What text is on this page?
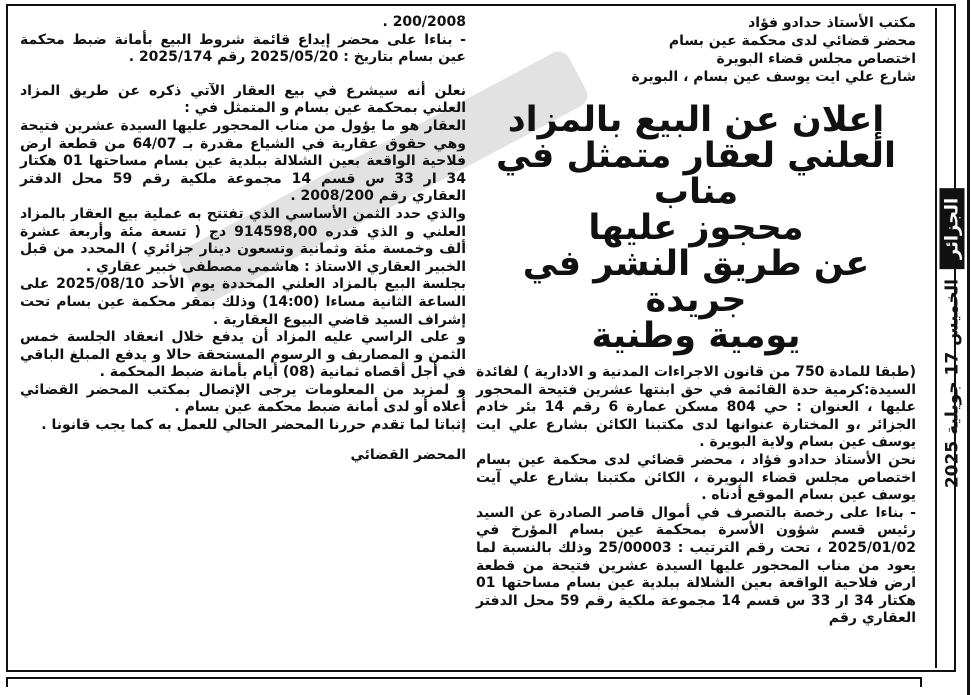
مكتب الأستاذ حدادو فؤاد
محضر قضائي لدى محكمة عين بسام
اختصاص مجلس قضاء البويرة
شارع علي ايت يوسف عين بسام ، البويرة
إعلان عن البيع بالمزاد
العلني لعقار متمثل في مناب
محجوز عليها
عن طريق النشر في جريدة
يومية وطنية

(طبقا للمادة 750 من قانون الاجراءات المدنية و الادارية ) لفائدة السيدة:كرمية حدة القائمة في حق ابنتها عشرين فتيحة المحجور عليها ، العنوان : حي 804 مسكن عمارة 6 رقم 14 بئر خادم الجزائر ،و المختارة عنوانها لدى مكتبنا الكائن بشارع علي ايت يوسف عين بسام ولاية البويرة .

نحن الأستاذ حدادو فؤاد ، محضر قضائي لدى محكمة عين بسام اختصاص مجلس قضاء البويرة ، الكائن مكتبنا بشارع علي آيت يوسف عين بسام الموقع أدناه .

- بناءا على رخصة بالتصرف في أموال قاصر الصادرة عن السيد رئيس قسم شؤون الأسرة بمحكمة عين بسام المؤرخ في 2025/01/02 ، تحت رقم الترتيب : 25/00003 وذلك بالنسبة لما يعود من مناب المحجور عليها السيدة عشرين فتيحة من قطعة ارض فلاحية الواقعة بعين الشلالة ببلدية عين بسام مساحتها 01 هكتار 34 ار 33 س قسم 14 مجموعة ملكية رقم 59 محل الدفتر العقاري رقم

200/2008 .

- بناءا على محضر إيداع قائمة شروط البيع بأمانة ضبط محكمة عين بسام بتاريخ : 2025/05/20 رقم 2025/174 .

نعلن أنه سيشرع في بيع العقار الآتي ذكره عن طريق المزاد العلني بمحكمة عين بسام و المتمثل في :

العقار هو ما يؤول من مناب المحجور عليها السيدة عشرين فتيحة وهي حقوق عقارية في الشياع مقدرة بـ 64/07 من قطعة ارض فلاحية الواقعة بعين الشلالة ببلدية عين بسام مساحتها 01 هكتار 34 ار 33 س قسم 14 مجموعة ملكية رقم 59 محل الدفتر العقاري رقم 2008/200 .

والذي حدد الثمن الأساسي الذي تفتتح به عملية بيع العقار بالمزاد العلني و الذي قدره 914598,00 دج ( تسعة مئة وأربعة عشرة ألف وخمسة مئة وثمانية وتسعون دينار جزائري ) المحدد من قبل الخبير العقاري الاستاذ : هاشمي مصطفى خبير عقاري .

بجلسة البيع بالمزاد العلني المحددة يوم الأحد 2025/08/10 على الساعة الثانية مساءا (14:00) وذلك بمقر محكمة عين بسام تحت إشراف السيد قاضي البيوع العقارية .

و على الراسي عليه المزاد أن يدفع خلال انعقاد الجلسة خمس الثمن و المصاريف و الرسوم المستحقة حالا و يدفع المبلغ الباقي في أجل أقصاه ثمانية (08) أيام بأمانة ضبط المحكمة .

و لمزيد من المعلومات يرجى الإتصال بمكتب المحضر القضائي أعلاه أو لدى أمانة ضبط محكمة عين بسام .

إثباتا لما تقدم حررنا المحضر الحالي للعمل به كما يجب قانونا .

المحضر القضائي
الجزائرالخميس 17 جويلية 2025
